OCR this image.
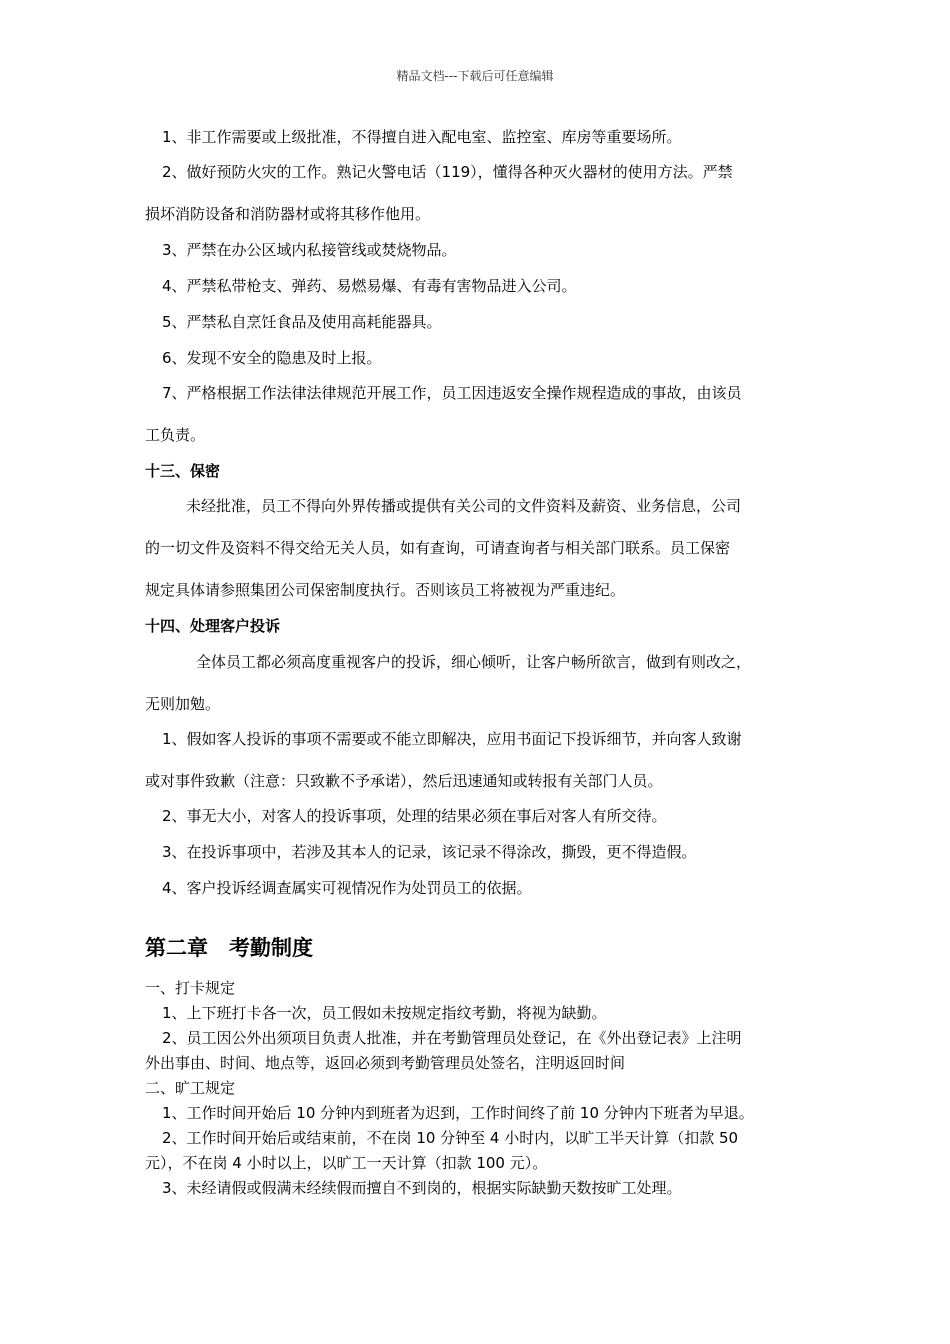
精品文档---下载后可任意编辑
1、非工作需要或上级批准，不得擅自进入配电室、监控室、库房等重要场所。
2、做好预防火灾的工作。熟记火警电话（119），懂得各种灭火器材的使用方法。严禁
损坏消防设备和消防器材或将其移作他用。
3、严禁在办公区域内私接管线或焚烧物品。
4、严禁私带枪支、弹药、易燃易爆、有毒有害物品进入公司。
5、严禁私自烹饪食品及使用高耗能器具。
6、发现不安全的隐患及时上报。
7、严格根据工作法律法律规范开展工作，员工因违返安全操作规程造成的事故，由该员
工负责。
十三、保密
未经批准，员工不得向外界传播或提供有关公司的文件资料及薪资、业务信息，公司
的一切文件及资料不得交给无关人员，如有查询，可请查询者与相关部门联系。员工保密
规定具体请参照集团公司保密制度执行。否则该员工将被视为严重违纪。
十四、处理客户投诉
全体员工都必须高度重视客户的投诉，细心倾听，让客户畅所欲言，做到有则改之，
无则加勉。
1、假如客人投诉的事项不需要或不能立即解决，应用书面记下投诉细节，并向客人致谢
或对事件致歉（注意：只致歉不予承诺），然后迅速通知或转报有关部门人员。
2、事无大小，对客人的投诉事项，处理的结果必须在事后对客人有所交待。
3、在投诉事项中，若涉及其本人的记录，该记录不得涂改，撕毁，更不得造假。
4、客户投诉经调查属实可视情况作为处罚员工的依据。
第二章　考勤制度
一、打卡规定
1、上下班打卡各一次，员工假如未按规定指纹考勤，将视为缺勤。
2、员工因公外出须项目负责人批准，并在考勤管理员处登记，在《外出登记表》上注明
外出事由、时间、地点等，返回必须到考勤管理员处签名，注明返回时间
二、旷工规定
1、工作时间开始后 10 分钟内到班者为迟到，工作时间终了前 10 分钟内下班者为早退。
2、工作时间开始后或结束前，不在岗 10 分钟至 4 小时内，以旷工半天计算（扣款 50
元），不在岗 4 小时以上，以旷工一天计算（扣款 100 元）。
3、未经请假或假满未经续假而擅自不到岗的，根据实际缺勤天数按旷工处理。
